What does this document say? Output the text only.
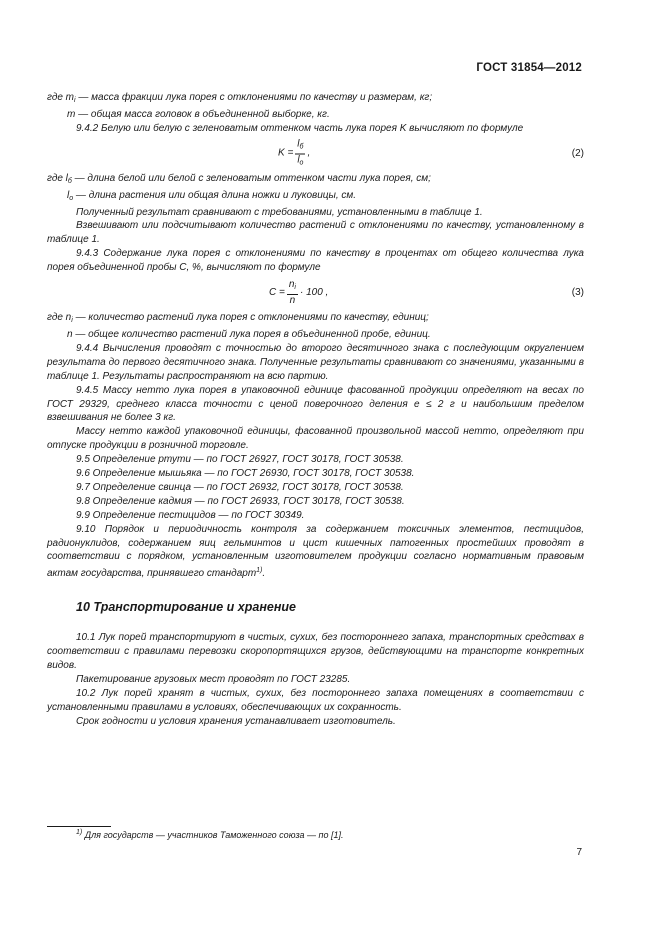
ГОСТ 31854—2012

где $m_i$ — масса фракции лука порея с отклонениями по качеству и размерам, кг;

m — общая масса головок в объединенной выборке, кг.

9.4.2 Белую или белую с зеленоватым оттенком часть лука порея K вычисляют по формуле

$K = \frac{l_б}{l_о}$ ,	(2)

где $l_б$ — длина белой или белой с зеленоватым оттенком части лука порея, см;

$l_о$ — длина растения или общая длина ножки и луковицы, см.

Полученный результат сравнивают с требованиями, установленными в таблице 1.

Взвешивают или подсчитывают количество растений с отклонениями по качеству, установленному в таблице 1.

9.4.3 Содержание лука порея с отклонениями по качеству в процентах от общего количества лука порея объединенной пробы С, %, вычисляют по формуле

$C = \frac{n_i}{n} \cdot 100$ ,	(3)

где $n_i$ — количество растений лука порея с отклонениями по качеству, единиц;

n — общее количество растений лука порея в объединенной пробе, единиц.

9.4.4 Вычисления проводят с точностью до второго десятичного знака с последующим округлением результата до первого десятичного знака. Полученные результаты сравнивают со значениями, указанными в таблице 1. Результаты распространяют на всю партию.

9.4.5 Массу нетто лука порея в упаковочной единице фасованной продукции определяют на весах по ГОСТ 29329, среднего класса точности с ценой поверочного деления е ≤ 2 г и наибольшим пределом взвешивания не более 3 кг.

Массу нетто каждой упаковочной единицы, фасованной произвольной массой нетто, определяют при отпуске продукции в розничной торговле.

9.5 Определение ртути — по ГОСТ 26927, ГОСТ 30178, ГОСТ 30538.

9.6 Определение мышьяка — по ГОСТ 26930, ГОСТ 30178, ГОСТ 30538.

9.7 Определение свинца — по ГОСТ 26932, ГОСТ 30178, ГОСТ 30538.

9.8 Определение кадмия — по ГОСТ 26933, ГОСТ 30178, ГОСТ 30538.

9.9 Определение пестицидов — по ГОСТ 30349.

9.10 Порядок и периодичность контроля за содержанием токсичных элементов, пестицидов, радионуклидов, содержанием яиц гельминтов и цист кишечных патогенных простейших проводят в соответствии с порядком, установленным изготовителем продукции согласно нормативным правовым актам государства, принявшего стандарт$^{1)}$.

10 Транспортирование и хранение

10.1 Лук порей транспортируют в чистых, сухих, без постороннего запаха, транспортных средствах в соответствии с правилами перевозки скоропортящихся грузов, действующими на транспорте конкретных видов.

Пакетирование грузовых мест проводят по ГОСТ 23285.

10.2 Лук порей хранят в чистых, сухих, без постороннего запаха помещениях в соответствии с установленными правилами в условиях, обеспечивающих их сохранность.

Срок годности и условия хранения устанавливает изготовитель.

$^{1)}$ Для государств — участников Таможенного союза — по [1].
7
